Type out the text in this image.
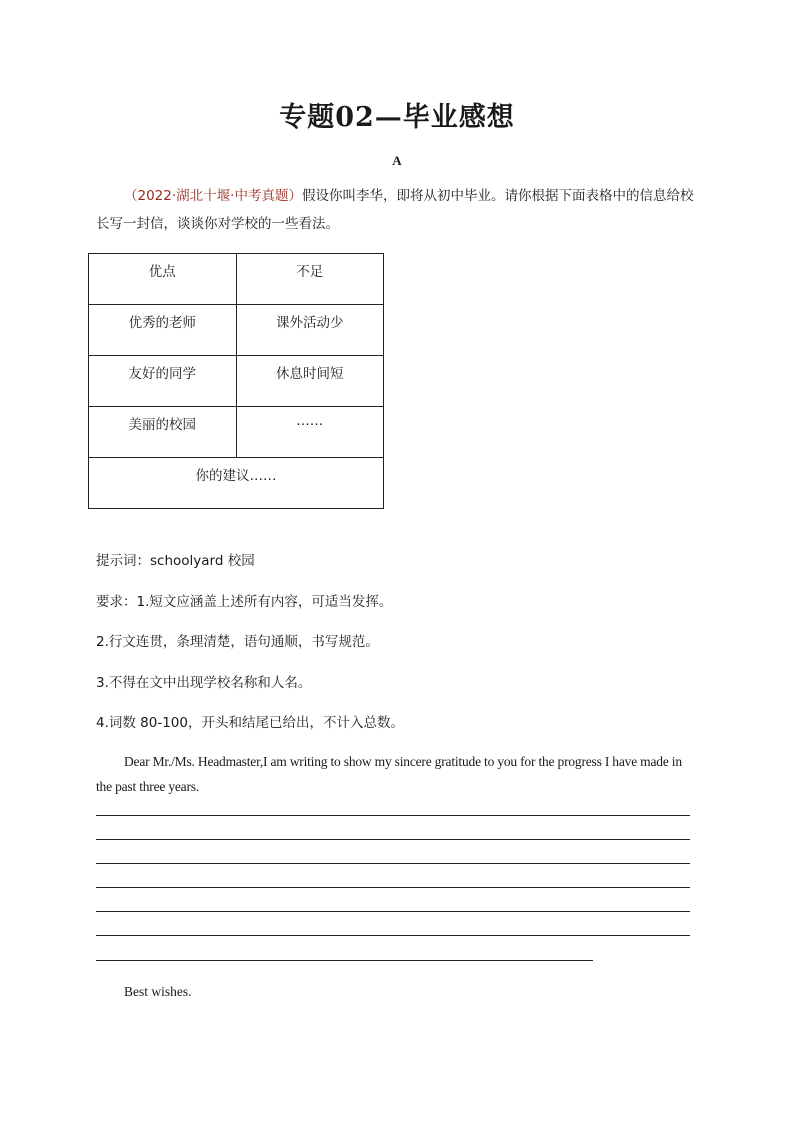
专题02—毕业感想
A
（2022·湖北十堰·中考真题）假设你叫李华，即将从初中毕业。请你根据下面表格中的信息给校长写一封信，谈谈你对学校的一些看法。
优点	不足
优秀的老师	课外活动少
友好的同学	休息时间短
美丽的校园	……
你的建议……	
提示词：schoolyard 校园
要求：1.短文应涵盖上述所有内容，可适当发挥。
2.行文连贯，条理清楚，语句通顺，书写规范。
3.不得在文中出现学校名称和人名。
4.词数 80-100，开头和结尾已给出，不计入总数。
Dear Mr./Ms. Headmaster,I am writing to show my sincere gratitude to you for the progress I have made in the past three years.
Best wishes.
